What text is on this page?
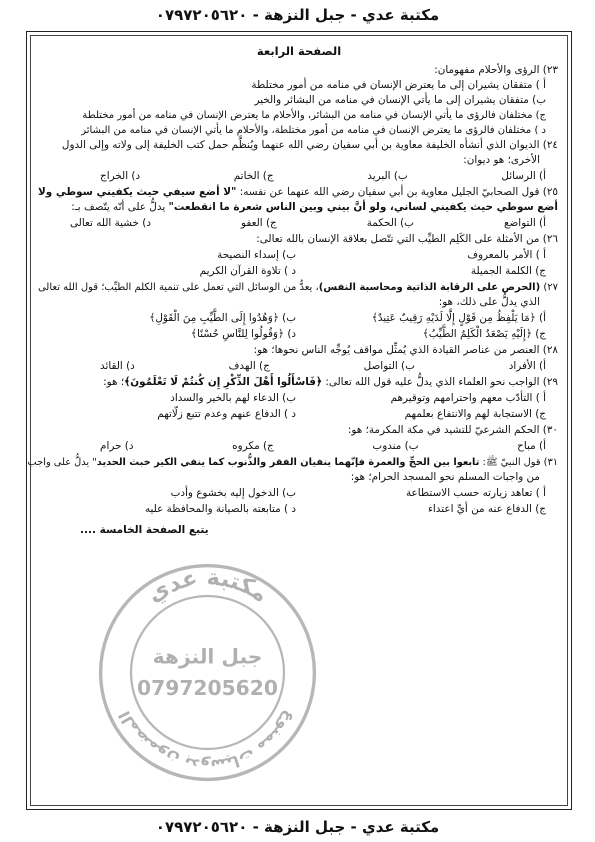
مكتبة عدي - جبل النزهة - ٠٧٩٧٢٠٥٦٢٠
الصفحة الرابعة

٢٣) الرؤى والأحلام مفهومان:

أ ) متفقان يشيران إلى ما يعترض الإنسان في منامه من أمور مختلطة

ب) متفقان يشيران إلى ما يأتي الإنسان في منامه من البشائر والخير

ج) مختلفان فالرؤى ما يأتي الإنسان في منامه من البشائر، والأحلام ما يعترض الإنسان في منامه من أمور مختلطة

د ) مختلفان فالرؤى ما يعترض الإنسان في منامه من أمور مختلطة، والأحلام ما يأتي الإنسان في منامه من البشائر

٢٤) الديوان الذي أنشأه الخليفة معاوية بن أبي سفيان رضي الله عنهما ويُنظَّم حمل كتب الخليفة إلى ولاته وإلى الدول

الأخرى؛ هو ديوان:

أ) الرسائل
ب) البريد
ج) الخاتم
د) الخراج

٢٥) قول الصحابيّ الجليل معاوية بن أبي سفيان رضي الله عنهما عن نفسه: "لا أضع سيفي حيث يكفيني سوطي ولا

أضع سوطي حيث يكفيني لساني، ولو أنَّ بيني وبين الناس شعرة ما انقطعت" يدلُّ على أنّه يتّصف بـ:

أ) التواضع
ب) الحكمة
ج) العفو
د) خشية الله تعالى

٢٦) من الأمثلة على الكَلِم الطيِّب التي تتّصل بعلاقة الإنسان بالله تعالى:

أ ) الأمر بالمعروف
ب) إسداء النصيحة
ج) الكلمة الجميلة
د ) تلاوة القرآن الكريم

٢٧) (الحرص على الرقابة الذاتية ومحاسبة النفس)، يعدُّ من الوسائل التي تعمل على تنمية الكلم الطيِّب؛ قول الله تعالى

الذي يدلُّ على ذلك، هو:

أ) ﴿مَا يَلْفِظُ مِن قَوْلٍ إِلَّا لَدَيْهِ رَقِيبٌ عَتِيدٌ﴾
ب) ﴿وَهُدُوا إِلَى الطَّيِّبِ مِنَ الْقَوْلِ﴾
ج) ﴿إِلَيْهِ يَصْعَدُ الْكَلِمُ الطَّيِّبُ﴾
د) ﴿وَقُولُوا لِلنَّاسِ حُسْنًا﴾

٢٨) العنصر من عناصر القيادة الذي يُمثِّل مواقف يُوجِّه الناس نحوها؛ هو:

أ) الأفراد
ب) التواصل
ج) الهدف
د) القائد

٢٩) الواجب نحو العلماء الذي يدلُّ عليه قول الله تعالى: ﴿فَاسْأَلُوا أَهْلَ الذِّكْرِ إِن كُنتُمْ لَا تَعْلَمُونَ﴾؛ هو:

أ ) التأدّب معهم واحترامهم وتوقيرهم
ب) الدعاء لهم بالخير والسداد
ج) الاستجابة لهم والانتفاع بعلمهم
د ) الدفاع عنهم وعدم تتبع زلّاتهم

٣٠) الحكم الشرعيّ للتشيد في مكة المكرمة؛ هو:

أ) مباح
ب) مندوب
ج) مكروه
د) حرام

٣١) قول النبيّ ﷺ: تابعوا بين الحجِّ والعمرة فإنّهما ينفيان الفقر والذُّنوب كما ينفي الكير خبث الحديد" يدلُّ على واجب

من واجبات المسلم نحو المسجد الحرام؛ هو:

أ ) تعاهد زيارته حسب الاستطاعة
ب) الدخول إليه بخشوع وأدب
ج) الدفاع عنه من أيِّ اعتداء
د ) متابعته بالصيانة والمحافظة عليه
يتبع الصفحة الخامسة ....
مكتبة عدي
المضمون بدوسيات ممنوع
جبل النزهة
0797205620
مكتبة عدي - جبل النزهة - ٠٧٩٧٢٠٥٦٢٠
